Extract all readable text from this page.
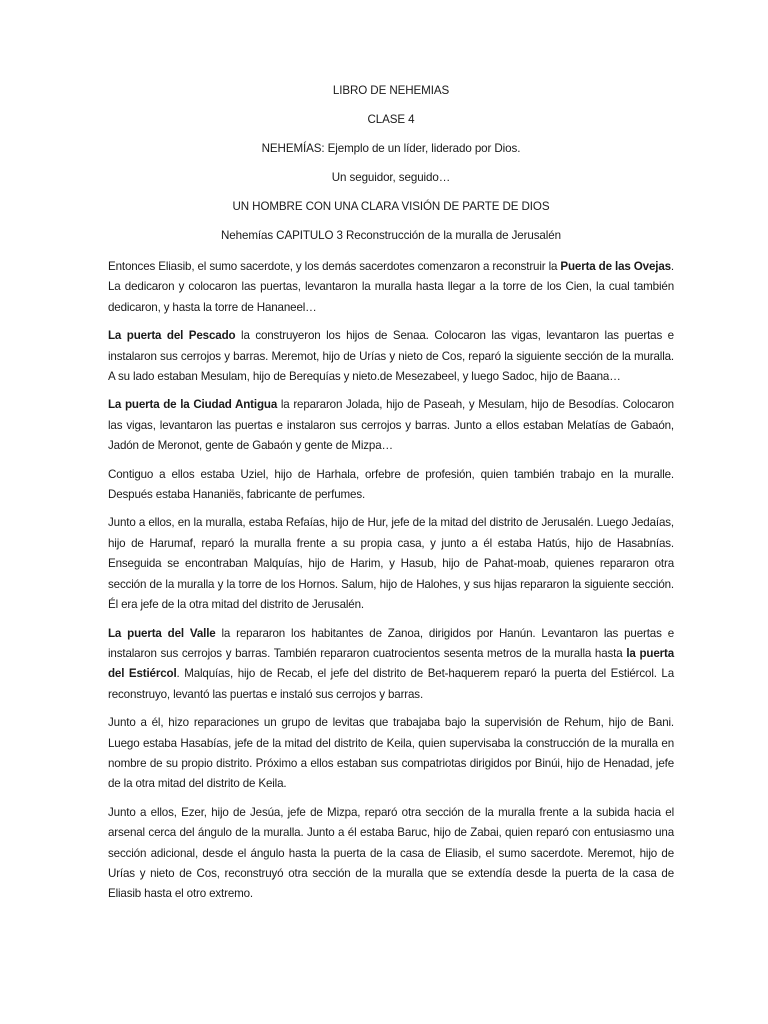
LIBRO DE NEHEMIAS
CLASE 4
NEHEMÍAS: Ejemplo de un líder, liderado por Dios.
Un seguidor, seguido…
UN HOMBRE CON UNA CLARA VISIÓN DE PARTE DE DIOS
Nehemías CAPITULO 3 Reconstrucción de la muralla de Jerusalén

Entonces Eliasib, el sumo sacerdote, y los demás sacerdotes comenzaron a reconstruir la Puerta de las Ovejas. La dedicaron y colocaron las puertas, levantaron la muralla hasta llegar a la torre de los Cien, la cual también dedicaron, y hasta la torre de Hananeel…

La puerta del Pescado la construyeron los hijos de Senaa. Colocaron las vigas, levantaron las puertas e instalaron sus cerrojos y barras. Meremot, hijo de Urías y nieto de Cos, reparó la siguiente sección de la muralla. A su lado estaban Mesulam, hijo de Berequías y nieto.de Mesezabeel, y luego Sadoc, hijo de Baana…

La puerta de la Ciudad Antigua la repararon Jolada, hijo de Paseah, y Mesulam, hijo de Besodías. Colocaron las vigas, levantaron las puertas e instalaron sus cerrojos y barras. Junto a ellos estaban Melatías de Gabaón, Jadón de Meronot, gente de Gabaón y gente de Mizpa…

Contiguo a ellos estaba Uziel, hijo de Harhala, orfebre de profesión, quien también trabajo en la muralle. Después estaba Hananiës, fabricante de perfumes.

Junto a ellos, en la muralla, estaba Refaías, hijo de Hur, jefe de la mitad del distrito de Jerusalén. Luego Jedaías, hijo de Harumaf, reparó la muralla frente a su propia casa, y junto a él estaba Hatús, hijo de Hasabnías. Enseguida se encontraban Malquías, hijo de Harim, y Hasub, hijo de Pahat-moab, quienes repararon otra sección de la muralla y la torre de los Hornos. Salum, hijo de Halohes, y sus hijas repararon la siguiente sección. Él era jefe de la otra mitad del distrito de Jerusalén.

La puerta del Valle la repararon los habitantes de Zanoa, dirigidos por Hanún. Levantaron las puertas e instalaron sus cerrojos y barras. También repararon cuatrocientos sesenta metros de la muralla hasta la puerta del Estiércol. Malquías, hijo de Recab, el jefe del distrito de Bet-haquerem reparó la puerta del Estiércol. La reconstruyo, levantó las puertas e instaló sus cerrojos y barras.

Junto a él, hizo reparaciones un grupo de levitas que trabajaba bajo la supervisión de Rehum, hijo de Bani. Luego estaba Hasabías, jefe de la mitad del distrito de Keila, quien supervisaba la construcción de la muralla en nombre de su propio distrito. Próximo a ellos estaban sus compatriotas dirigidos por Binúi, hijo de Henadad, jefe de la otra mitad del distrito de Keila.

Junto a ellos, Ezer, hijo de Jesúa, jefe de Mizpa, reparó otra sección de la muralla frente a la subida hacia el arsenal cerca del ángulo de la muralla. Junto a él estaba Baruc, hijo de Zabai, quien reparó con entusiasmo una sección adicional, desde el ángulo hasta la puerta de la casa de Eliasib, el sumo sacerdote. Meremot, hijo de Urías y nieto de Cos, reconstruyó otra sección de la muralla que se extendía desde la puerta de la casa de Eliasib hasta el otro extremo.
